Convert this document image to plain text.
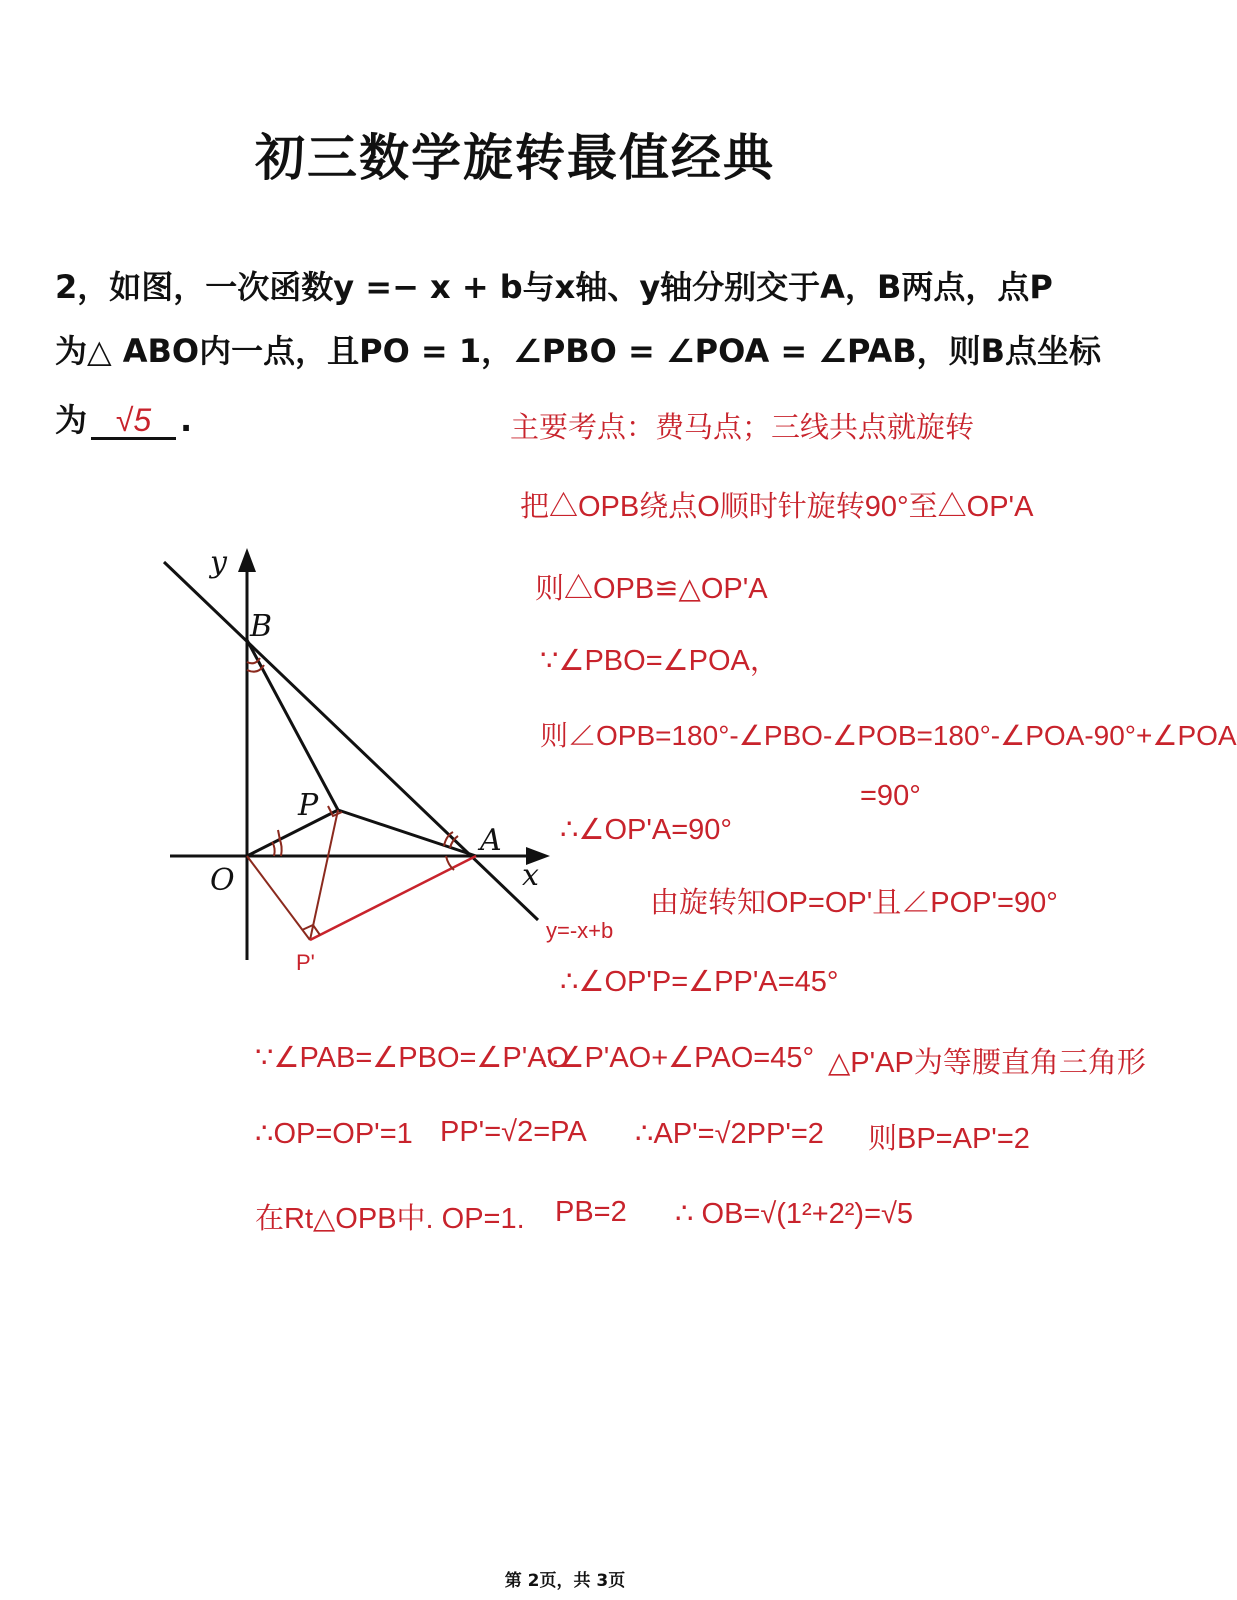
初三数学旋转最值经典
2，如图，一次函数y =− x + b与x轴、y轴分别交于A，B两点，点P
为△ ABO内一点，且PO = 1，∠PBO = ∠POA = ∠PAB，则B点坐标
为 √5 .
y
B
P
O
A
x
P'
y=-x+b
主要考点：费马点；三线共点就旋转
把△OPB绕点O顺时针旋转90°至△OP'A
则△OPB≌△OP'A
∵∠PBO=∠POA，
则∠OPB=180°-∠PBO-∠POB=180°-∠POA-90°+∠POA
=90°
∴∠OP'A=90°
由旋转知OP=OP'且∠POP'=90°
∴∠OP'P=∠PP'A=45°
∵∠PAB=∠PBO=∠P'AO
∴∠P'AO+∠PAO=45° △P'AP为等腰直角三角形
∴OP=OP'=1 PP'=√2=PA ∴AP'=√2PP'=2 则BP=AP'=2
在Rt△OPB中. OP=1. PB=2 ∴ OB=√(1²+2²)=√5
第 2页，共 3页
